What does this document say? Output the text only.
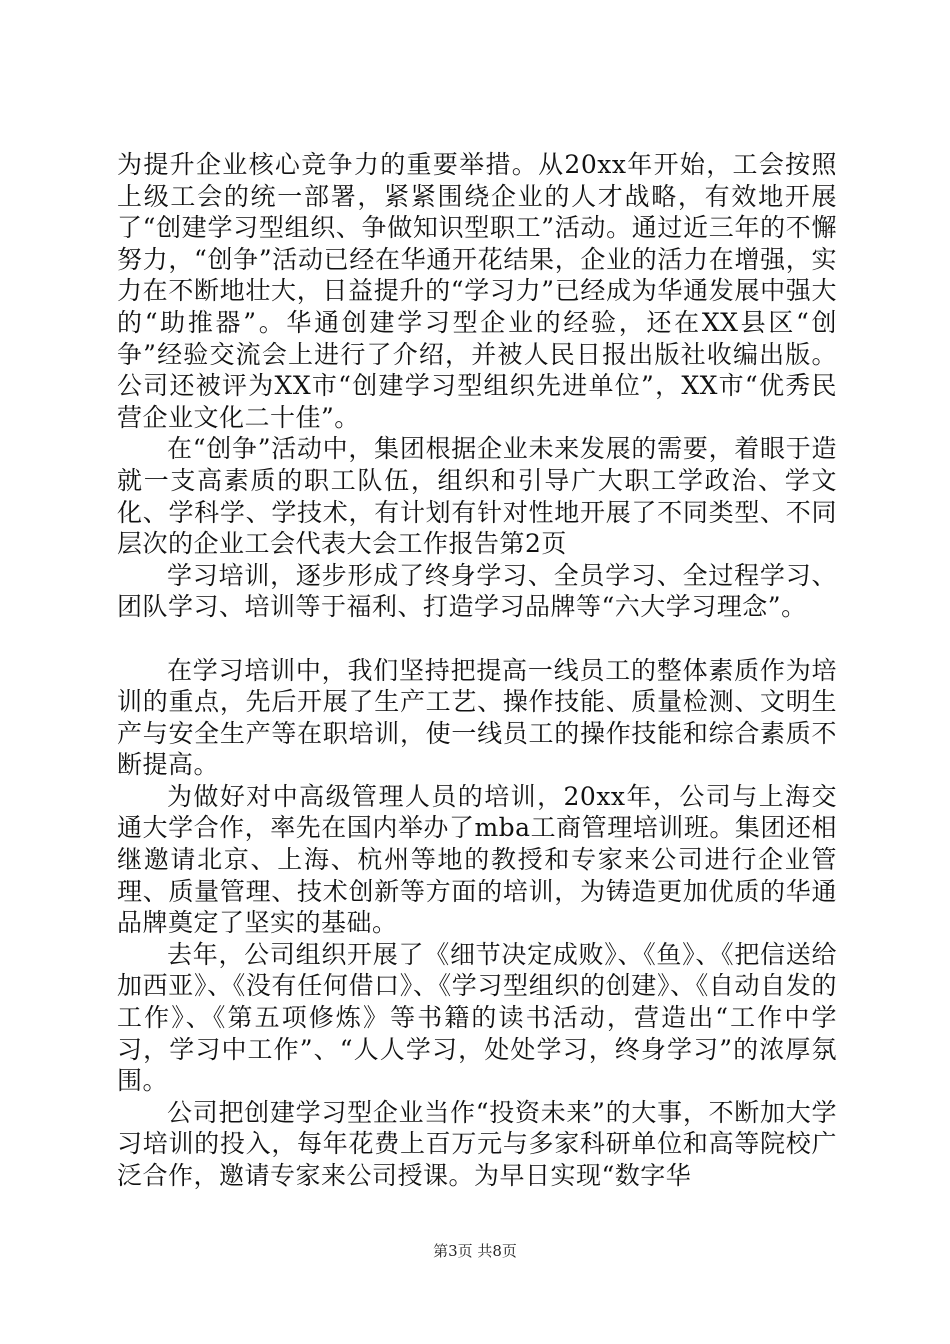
为提升企业核心竞争力的重要举措。从20xx年开始，工会按照上级工会的统一部署，紧紧围绕企业的人才战略，有效地开展了“创建学习型组织、争做知识型职工”活动。通过近三年的不懈努力，“创争”活动已经在华通开花结果，企业的活力在增强，实力在不断地壮大，日益提升的“学习力”已经成为华通发展中强大的“助推器”。华通创建学习型企业的经验，还在XX县区“创争”经验交流会上进行了介绍，并被人民日报出版社收编出版。公司还被评为XX市“创建学习型组织先进单位”，XX市“优秀民营企业文化二十佳”。

在“创争”活动中，集团根据企业未来发展的需要，着眼于造就一支高素质的职工队伍，组织和引导广大职工学政治、学文化、学科学、学技术，有计划有针对性地开展了不同类型、不同层次的企业工会代表大会工作报告第2页

学习培训，逐步形成了终身学习、全员学习、全过程学习、团队学习、培训等于福利、打造学习品牌等“六大学习理念”。

在学习培训中，我们坚持把提高一线员工的整体素质作为培训的重点，先后开展了生产工艺、操作技能、质量检测、文明生产与安全生产等在职培训，使一线员工的操作技能和综合素质不断提高。

为做好对中高级管理人员的培训，20xx年，公司与上海交通大学合作，率先在国内举办了mba工商管理培训班。集团还相继邀请北京、上海、杭州等地的教授和专家来公司进行企业管理、质量管理、技术创新等方面的培训，为铸造更加优质的华通品牌奠定了坚实的基础。

去年，公司组织开展了《细节决定成败》、《鱼》、《把信送给加西亚》、《没有任何借口》、《学习型组织的创建》、《自动自发的工作》、《第五项修炼》等书籍的读书活动，营造出“工作中学习，学习中工作”、“人人学习，处处学习，终身学习”的浓厚氛围。

公司把创建学习型企业当作“投资未来”的大事，不断加大学习培训的投入，每年花费上百万元与多家科研单位和高等院校广泛合作，邀请专家来公司授课。为早日实现“数字华

第3页 共8页
